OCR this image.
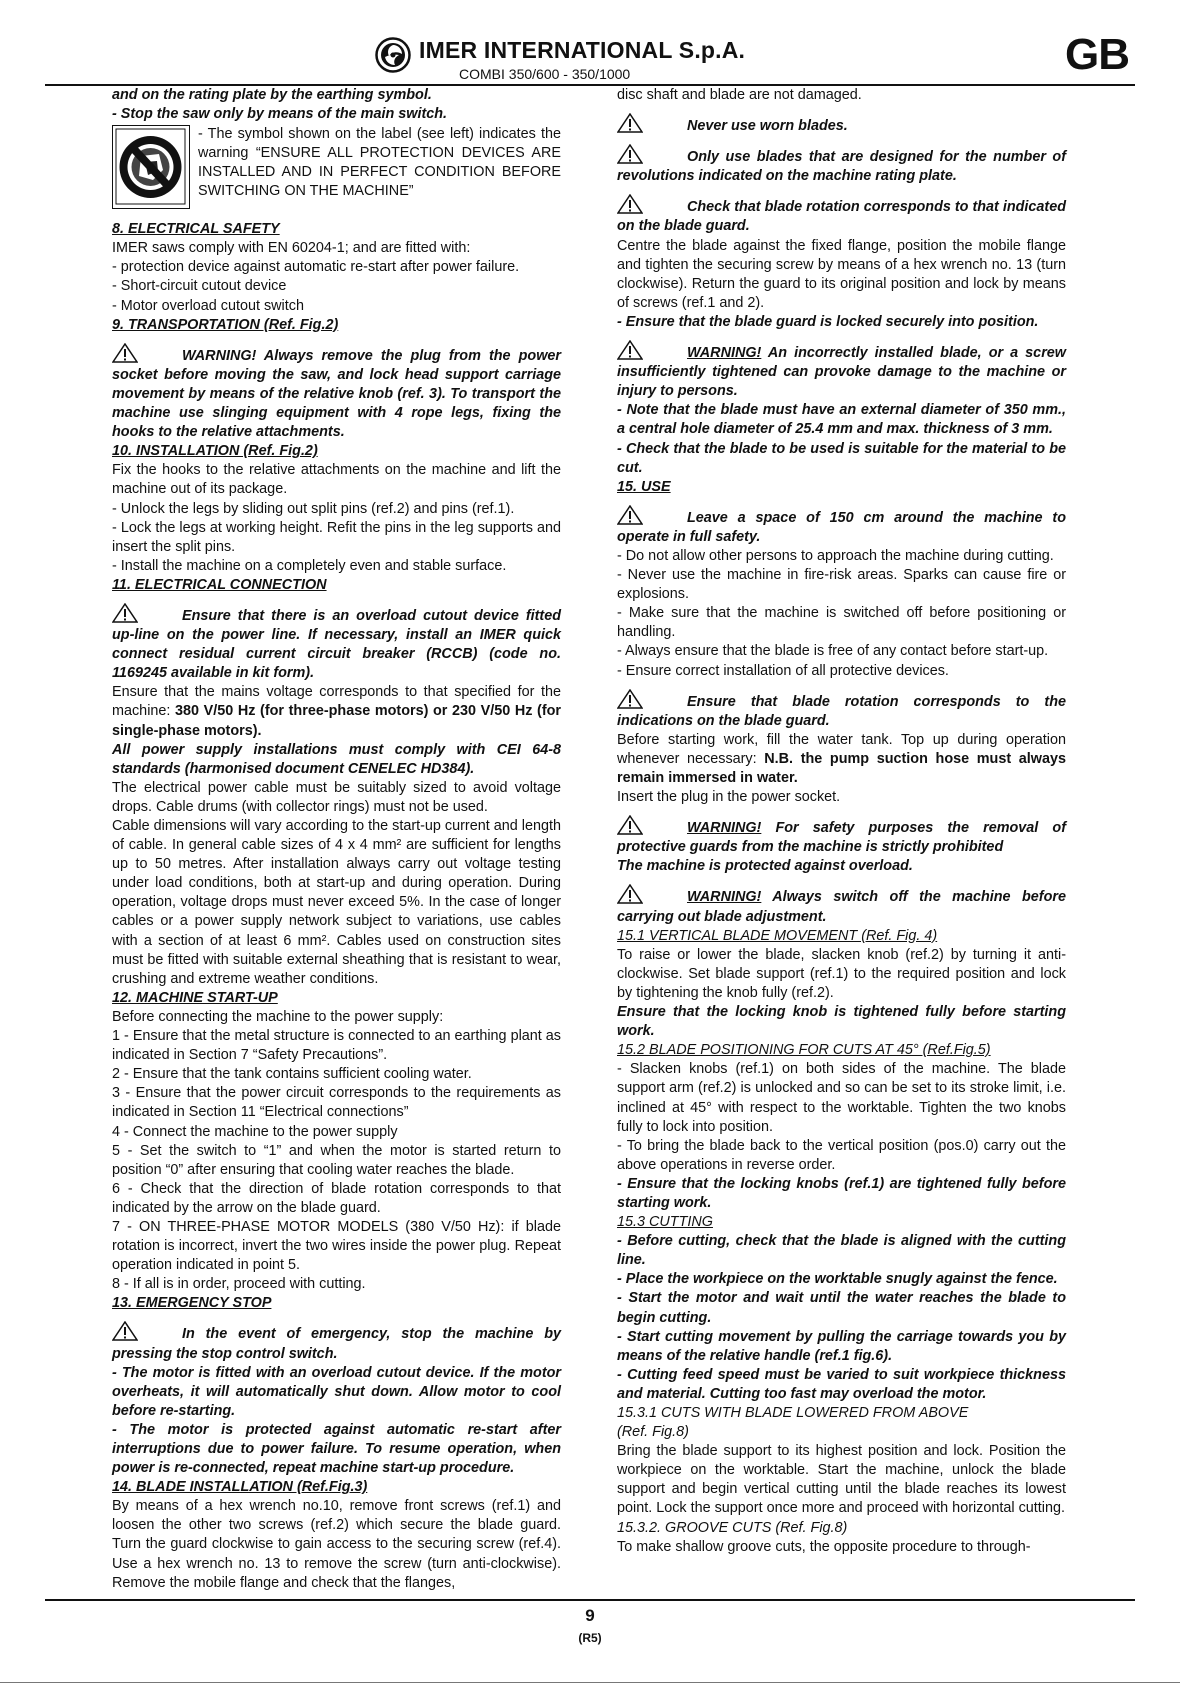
IMER INTERNATIONAL S.p.A.
COMBI 350/600 - 350/1000	GB

and on the rating plate by the earthing symbol.

- Stop the saw only by means of the main switch.

- The symbol shown on the label (see left) indicates the warning “ENSURE ALL PROTECTION DEVICES ARE INSTALLED AND IN PERFECT CONDITION BEFORE SWITCHING ON THE MACHINE”

8. ELECTRICAL SAFETY

IMER saws comply with EN 60204-1; and are fitted with:

- protection device against automatic re-start after power failure.

- Short-circuit cutout device

- Motor overload cutout switch

9. TRANSPORTATION (Ref. Fig.2)

WARNING! Always remove the plug from the power socket before moving the saw, and lock head support carriage movement by means of the relative knob (ref. 3). To transport the machine use slinging equipment with 4 rope legs, fixing the hooks to the relative attachments.

10. INSTALLATION (Ref. Fig.2)

Fix the hooks to the relative attachments on the machine and lift the machine out of its package.

- Unlock the legs by sliding out split pins (ref.2) and pins (ref.1).

- Lock the legs at working height. Refit the pins in the leg supports and insert the split pins.

- Install the machine on a completely even and stable surface.

11. ELECTRICAL CONNECTION

Ensure that there is an overload cutout device fitted up-line on the power line. If necessary, install an IMER quick connect residual current circuit breaker (RCCB) (code no. 1169245 available in kit form).

Ensure that the mains voltage corresponds to that specified for the machine: 380 V/50 Hz (for three-phase motors) or 230 V/50 Hz (for single-phase motors).

All power supply installations must comply with CEI 64-8 standards (harmonised document CENELEC HD384).

The electrical power cable must be suitably sized to avoid voltage drops. Cable drums (with collector rings) must not be used.

Cable dimensions will vary according to the start-up current and length of cable. In general cable sizes of 4 x 4 mm² are sufficient for lengths up to 50 metres. After installation always carry out voltage testing under load conditions, both at start-up and during operation. During operation, voltage drops must never exceed 5%. In the case of longer cables or a power supply network subject to variations, use cables with a section of at least 6 mm². Cables used on construction sites must be fitted with suitable external sheathing that is resistant to wear, crushing and extreme weather conditions.

12. MACHINE START-UP

Before connecting the machine to the power supply:

1 - Ensure that the metal structure is connected to an earthing plant as indicated in Section 7 “Safety Precautions”.

2 - Ensure that the tank contains sufficient cooling water.

3 - Ensure that the power circuit corresponds to the requirements as indicated in Section 11 “Electrical connections”

4 - Connect the machine to the power supply

5 - Set the switch to “1” and when the motor is started return to position “0” after ensuring that cooling water reaches the blade.

6 - Check that the direction of blade rotation corresponds to that indicated by the arrow on the blade guard.

7 - ON THREE-PHASE MOTOR MODELS (380 V/50 Hz): if blade rotation is incorrect, invert the two wires inside the power plug. Repeat operation indicated in point 5.

8 - If all is in order, proceed with cutting.

13. EMERGENCY STOP

In the event of emergency, stop the machine by pressing the stop control switch.

- The motor is fitted with an overload cutout device. If the motor overheats, it will automatically shut down. Allow motor to cool before re-starting.

- The motor is protected against automatic re-start after interruptions due to power failure. To resume operation, when power is re-connected, repeat machine start-up procedure.

14. BLADE INSTALLATION (Ref.Fig.3)

By means of a hex wrench no.10, remove front screws (ref.1) and loosen the other two screws (ref.2) which secure the blade guard. Turn the guard clockwise to gain access to the securing screw (ref.4). Use a hex wrench no. 13 to remove the screw (turn anti-clockwise). Remove the mobile flange and check that the flanges,

disc shaft and blade are not damaged.

Never use worn blades.

Only use blades that are designed for the number of revolutions indicated on the machine rating plate.

Check that blade rotation corresponds to that indicated on the blade guard.

Centre the blade against the fixed flange, position the mobile flange and tighten the securing screw by means of a hex wrench no. 13 (turn clockwise). Return the guard to its original position and lock by means of screws (ref.1 and 2).

- Ensure that the blade guard is locked securely into position.

WARNING! An incorrectly installed blade, or a screw insufficiently tightened can provoke damage to the machine or injury to persons.

- Note that the blade must have an external diameter of 350 mm., a central hole diameter of 25.4 mm and max. thickness of 3 mm.

- Check that the blade to be used is suitable for the material to be cut.

15. USE

Leave a space of 150 cm around the machine to operate in full safety.

- Do not allow other persons to approach the machine during cutting.

- Never use the machine in fire-risk areas. Sparks can cause fire or explosions.

- Make sure that the machine is switched off before positioning or handling.

- Always ensure that the blade is free of any contact before start-up.

- Ensure correct installation of all protective devices.

Ensure that blade rotation corresponds to the indications on the blade guard.

Before starting work, fill the water tank. Top up during operation whenever necessary: N.B. the pump suction hose must always remain immersed in water.

Insert the plug in the power socket.

WARNING! For safety purposes the removal of protective guards from the machine is strictly prohibited

The machine is protected against overload.

WARNING! Always switch off the machine before carrying out blade adjustment.

15.1 VERTICAL BLADE MOVEMENT (Ref. Fig. 4)

To raise or lower the blade, slacken knob (ref.2) by turning it anti-clockwise. Set blade support (ref.1) to the required position and lock by tightening the knob fully (ref.2).

Ensure that the locking knob is tightened fully before starting work.

15.2 BLADE POSITIONING FOR CUTS AT 45° (Ref.Fig.5)

- Slacken knobs (ref.1) on both sides of the machine. The blade support arm (ref.2) is unlocked and so can be set to its stroke limit, i.e. inclined at 45° with respect to the worktable. Tighten the two knobs fully to lock into position.

- To bring the blade back to the vertical position (pos.0) carry out the above operations in reverse order.

- Ensure that the locking knobs (ref.1) are tightened fully before starting work.

15.3 CUTTING

- Before cutting, check that the blade is aligned with the cutting line.

- Place the workpiece on the worktable snugly against the fence.

- Start the motor and wait until the water reaches the blade to begin cutting.

- Start cutting movement by pulling the carriage towards you by means of the relative handle (ref.1 fig.6).

- Cutting feed speed must be varied to suit workpiece thickness and material. Cutting too fast may overload the motor.

15.3.1 CUTS WITH BLADE LOWERED FROM ABOVE

(Ref. Fig.8)

Bring the blade support to its highest position and lock. Position the workpiece on the worktable. Start the machine, unlock the blade support and begin vertical cutting until the blade reaches its lowest point. Lock the support once more and proceed with horizontal cutting.

15.3.2. GROOVE CUTS (Ref. Fig.8)

To make shallow groove cuts, the opposite procedure to through-

9
(R5)
